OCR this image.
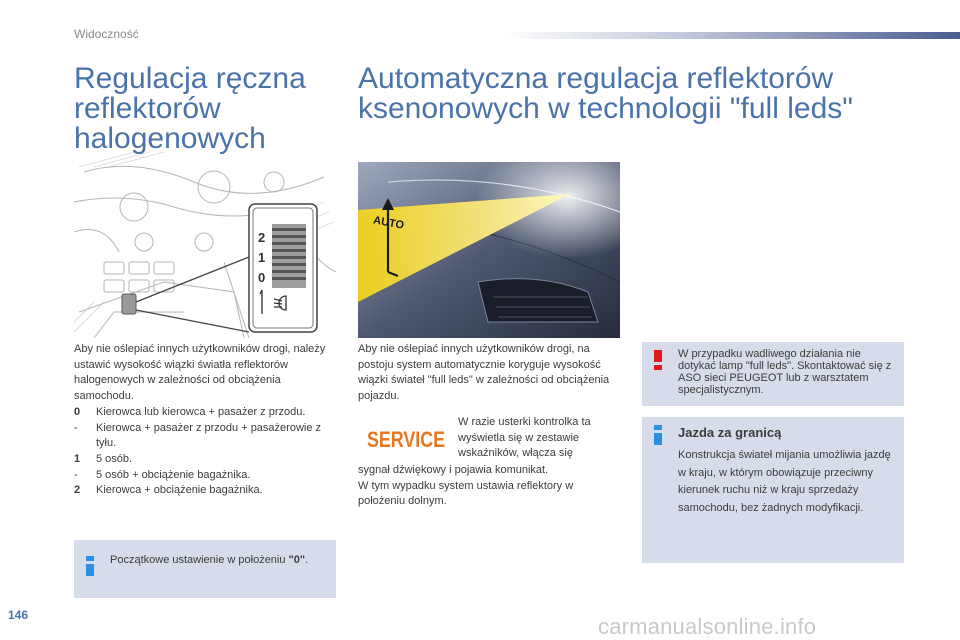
Widoczność
Regulacja ręczna reflektorów halogenowych
Automatyczna regulacja reflektorów ksenonowych w technologii "full leds"
2
1
0
AUTO
Aby nie oślepiać innych użytkowników drogi, należy ustawić wysokość wiązki światła reflektorów halogenowych w zależności od obciążenia samochodu.
0	Kierowca lub kierowca + pasażer z przodu.
-	Kierowca + pasażer z przodu + pasażerowie z tyłu.
1	5 osób.
-	5 osób + obciążenie bagażnika.
2	Kierowca + obciążenie bagażnika.
Początkowe ustawienie w położeniu "0".
Aby nie oślepiać innych użytkowników drogi, na postoju system automatycznie koryguje wysokość wiązki świateł "full leds" w zależności od obciążenia pojazdu.
SERVICE
W razie usterki kontrolka ta wyświetla się w zestawie wskaźników, włącza się
sygnał dźwiękowy i pojawia komunikat.
W tym wypadku system ustawia reflektory w położeniu dolnym.
W przypadku wadliwego działania nie dotykać lamp "full leds". Skontaktować się z ASO sieci PEUGEOT lub z warsztatem specjalistycznym.
Jazda za granicą
Konstrukcja świateł mijania umożliwia jazdę w kraju, w którym obowiązuje przeciwny kierunek ruchu niż w kraju sprzedaży samochodu, bez żadnych modyfikacji.
146	carmanualsonline.info
